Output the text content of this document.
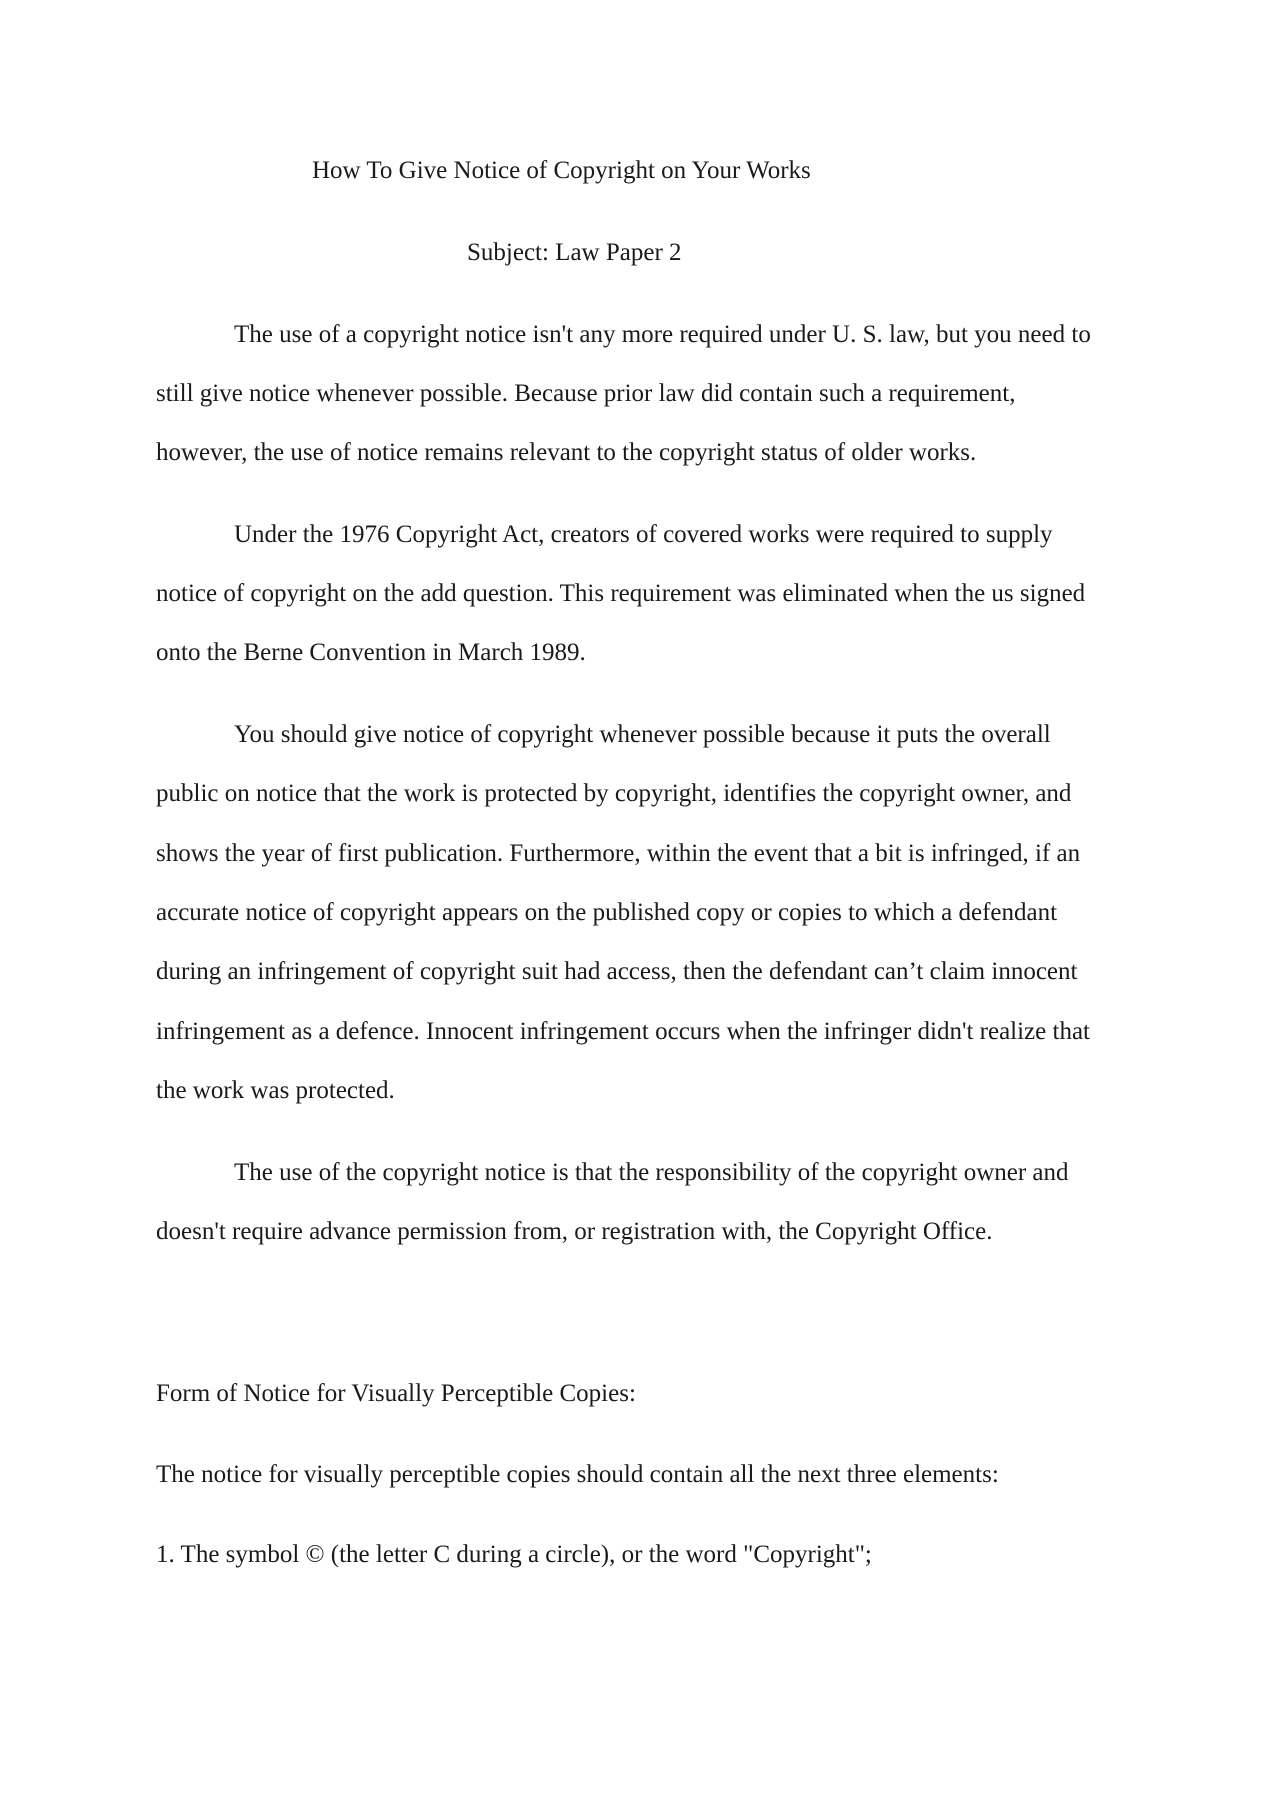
How To Give Notice of Copyright on Your Works
Subject: Law Paper 2
The use of a copyright notice isn't any more required under U. S. law, but you need to
still give notice whenever possible. Because prior law did contain such a requirement,
however, the use of notice remains relevant to the copyright status of older works.
Under the 1976 Copyright Act, creators of covered works were required to supply
notice of copyright on the add question. This requirement was eliminated when the us signed
onto the Berne Convention in March 1989.
You should give notice of copyright whenever possible because it puts the overall
public on notice that the work is protected by copyright, identifies the copyright owner, and
shows the year of first publication. Furthermore, within the event that a bit is infringed, if an
accurate notice of copyright appears on the published copy or copies to which a defendant
during an infringement of copyright suit had access, then the defendant can’t claim innocent
infringement as a defence. Innocent infringement occurs when the infringer didn't realize that
the work was protected.
The use of the copyright notice is that the responsibility of the copyright owner and
doesn't require advance permission from, or registration with, the Copyright Office.
Form of Notice for Visually Perceptible Copies:
The notice for visually perceptible copies should contain all the next three elements:
1. The symbol © (the letter C during a circle), or the word "Copyright";
